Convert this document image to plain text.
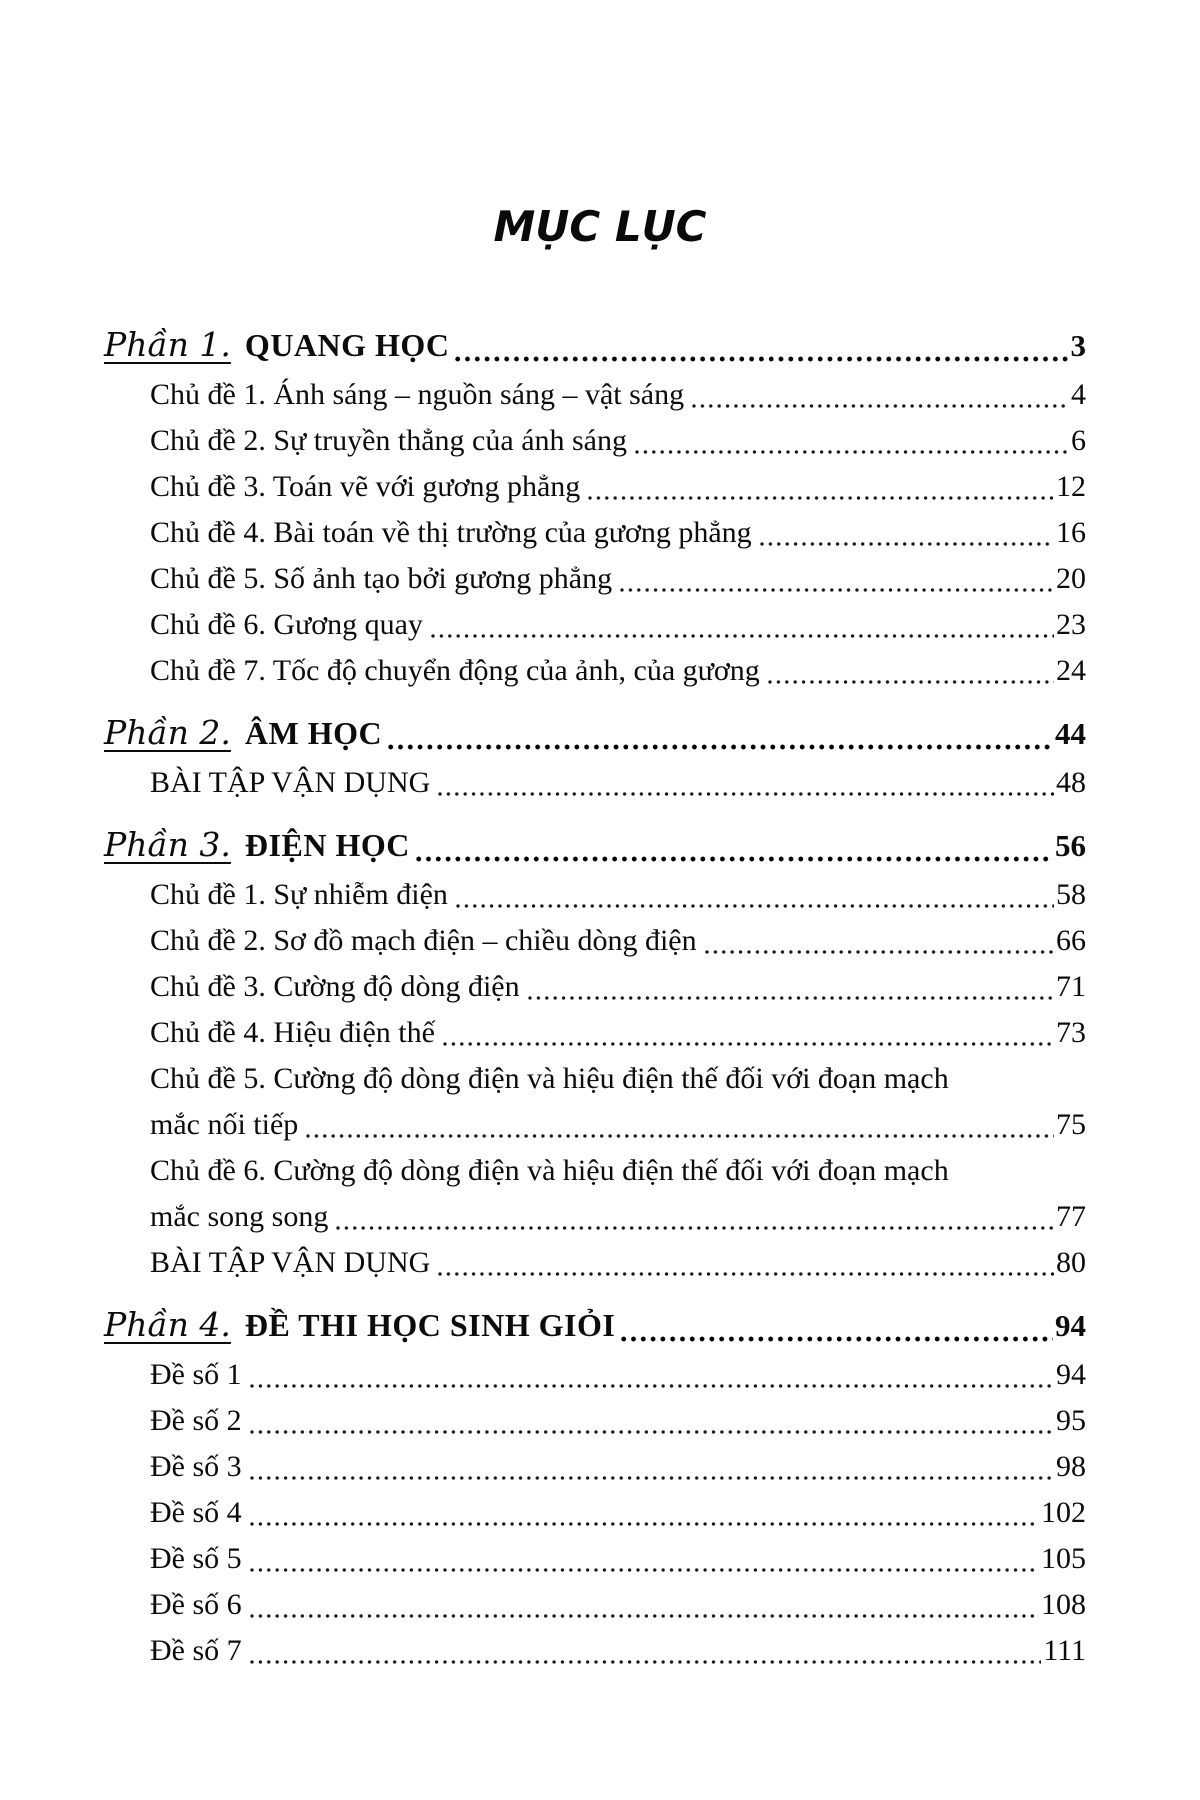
MỤC LỤC
Phần 1. QUANG HỌC	3
Chủ đề 1. Ánh sáng – nguồn sáng – vật sáng	4
Chủ đề 2. Sự truyền thẳng của ánh sáng	6
Chủ đề 3. Toán vẽ với gương phẳng	12
Chủ đề 4. Bài toán về thị trường của gương phẳng	16
Chủ đề 5. Số ảnh tạo bởi gương phẳng	20
Chủ đề 6. Gương quay	23
Chủ đề 7. Tốc độ chuyển động của ảnh, của gương	24
Phần 2. ÂM HỌC	44
BÀI TẬP VẬN DỤNG	48
Phần 3. ĐIỆN HỌC	56
Chủ đề 1. Sự nhiễm điện	58
Chủ đề 2. Sơ đồ mạch điện – chiều dòng điện	66
Chủ đề 3. Cường độ dòng điện	71
Chủ đề 4. Hiệu điện thế	73
Chủ đề 5. Cường độ dòng điện và hiệu điện thế đối với đoạn mạch
mắc nối tiếp	75
Chủ đề 6. Cường độ dòng điện và hiệu điện thế đối với đoạn mạch
mắc song song	77
BÀI TẬP VẬN DỤNG	80
Phần 4. ĐỀ THI HỌC SINH GIỎI	94
Đề số 1	94
Đề số 2	95
Đề số 3	98
Đề số 4	102
Đề số 5	105
Đề số 6	108
Đề số 7	111
